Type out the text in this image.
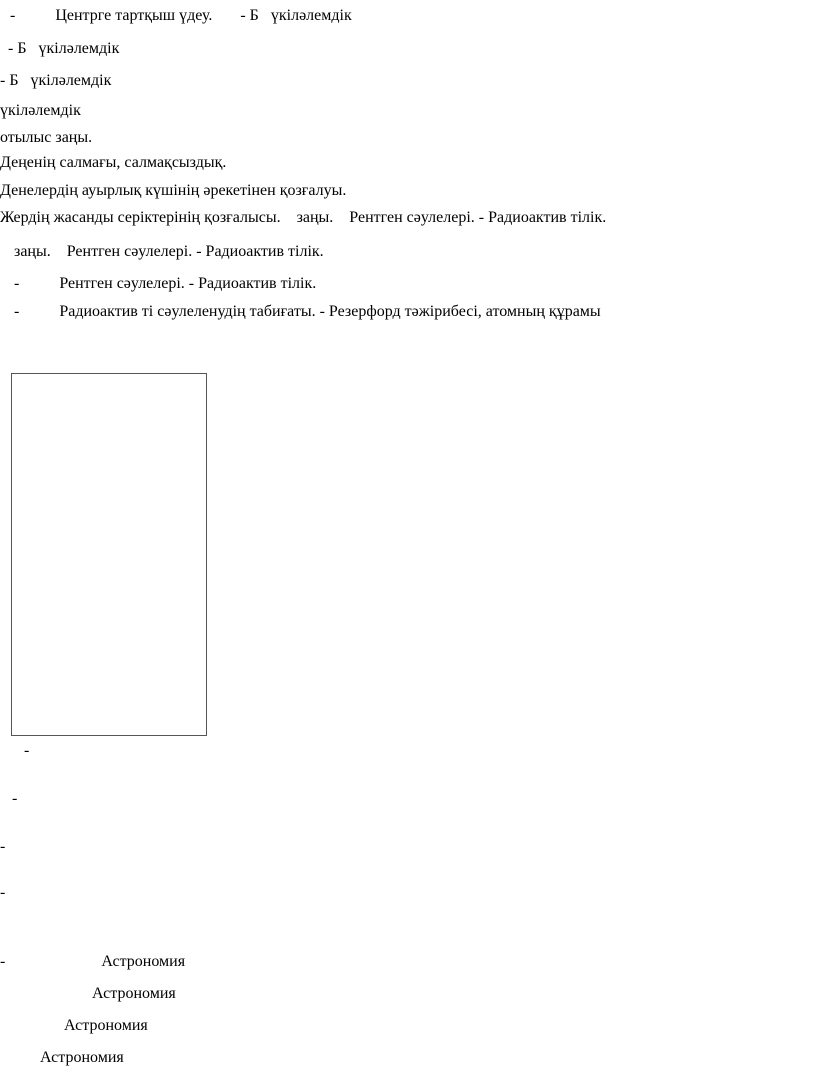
-          Центрге тартқыш үдеу.       - Б   үкіләлемдік

- Б   үкіләлемдік

- Б   үкіләлемдік

үкіләлемдік

отылыс заңы.

Деңенің салмағы, салмақсыздық.

Денелердің ауырлық күшінің әрекетінен қозғалуы.

Жердің жасанды серіктерінің қозғалысы.    заңы.    Рентген сәулелері. - Радиоактив тілік.

заңы.    Рентген сәулелері. - Радиоактив тілік.

-          Рентген сәулелері. - Радиоактив тілік.

-          Радиоактив ті сәулеленудің табиғаты. - Резерфорд тәжірибесі, атомның құрамы

-

-

-

-

-                        Астрономия

Астрономия

Астрономия

Астрономия
